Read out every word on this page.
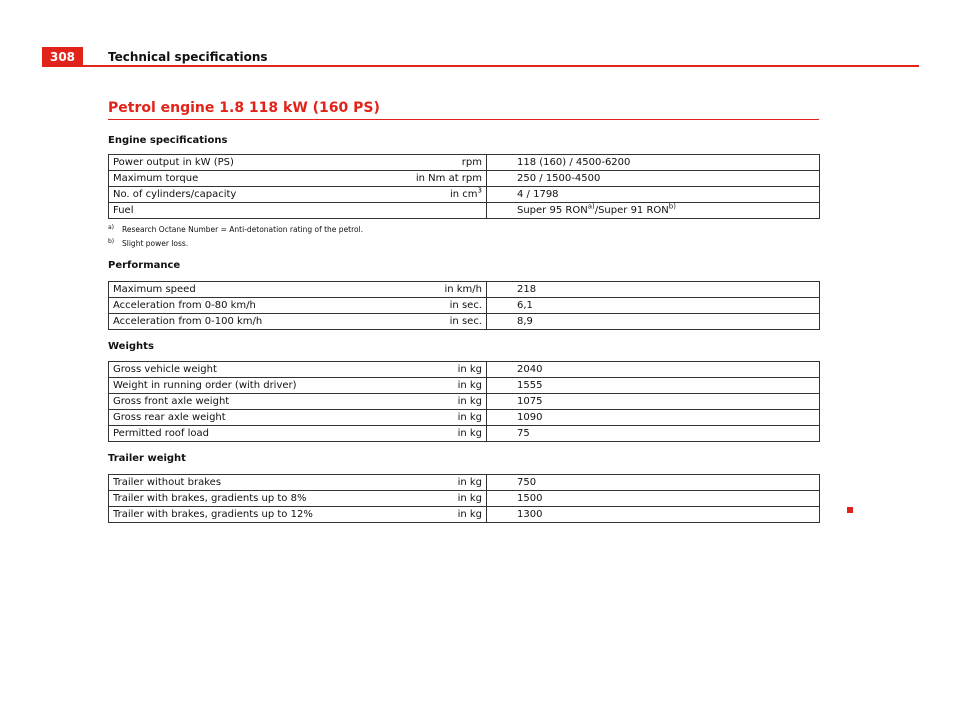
308	Technical specifications
Petrol engine 1.8 118 kW (160 PS)
Engine specifications
Power output in kW (PS)	rpm	118 (160) / 4500-6200
Maximum torque	in Nm at rpm	250 / 1500-4500
No. of cylinders/capacity	in $cm^3$	4 / 1798
Fuel		Super 95 RON$^{a)}$/Super 91 RON$^{b)}$
a) Research Octane Number = Anti-detonation rating of the petrol.
b) Slight power loss.
Performance
Maximum speed	in km/h	218
Acceleration from 0-80 km/h	in sec.	6,1
Acceleration from 0-100 km/h	in sec.	8,9
Weights
Gross vehicle weight	in kg	2040
Weight in running order (with driver)	in kg	1555
Gross front axle weight	in kg	1075
Gross rear axle weight	in kg	1090
Permitted roof load	in kg	75
Trailer weight
Trailer without brakes	in kg	750
Trailer with brakes, gradients up to 8%	in kg	1500
Trailer with brakes, gradients up to 12%	in kg	1300
